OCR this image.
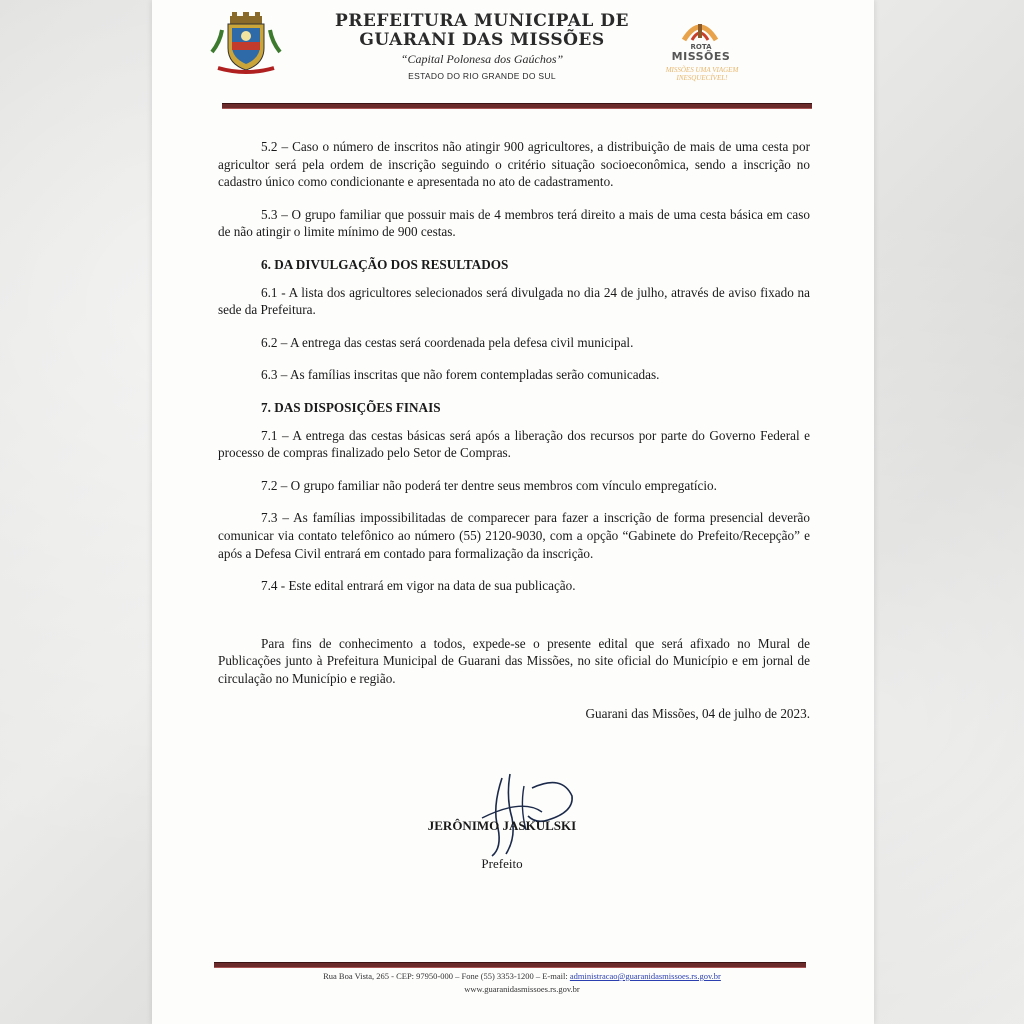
PREFEITURA MUNICIPAL DE
GUARANI DAS MISSÕES
“Capital Polonesa dos Gaúchos”
ESTADO DO RIO GRANDE DO SUL
ROTA
MISSÕES
MISSÕES UMA VIAGEM INESQUECÍVEL!

5.2 – Caso o número de inscritos não atingir 900 agricultores, a distribuição de mais de uma cesta por agricultor será pela ordem de inscrição seguindo o critério situação socioeconômica, sendo a inscrição no cadastro único como condicionante e apresentada no ato de cadastramento.

5.3 – O grupo familiar que possuir mais de 4 membros terá direito a mais de uma cesta básica em caso de não atingir o limite mínimo de 900 cestas.

6. DA DIVULGAÇÃO DOS RESULTADOS

6.1 - A lista dos agricultores selecionados será divulgada no dia 24 de julho, através de aviso fixado na sede da Prefeitura.

6.2 – A entrega das cestas será coordenada pela defesa civil municipal.

6.3 – As famílias inscritas que não forem contempladas serão comunicadas.

7. DAS DISPOSIÇÕES FINAIS

7.1 – A entrega das cestas básicas será após a liberação dos recursos por parte do Governo Federal e processo de compras finalizado pelo Setor de Compras.

7.2 – O grupo familiar não poderá ter dentre seus membros com vínculo empregatício.

7.3 – As famílias impossibilitadas de comparecer para fazer a inscrição de forma presencial deverão comunicar via contato telefônico ao número (55) 2120-9030, com a opção “Gabinete do Prefeito/Recepção” e após a Defesa Civil entrará em contado para formalização da inscrição.

7.4 - Este edital entrará em vigor na data de sua publicação.

Para fins de conhecimento a todos, expede-se o presente edital que será afixado no Mural de Publicações junto à Prefeitura Municipal de Guarani das Missões, no site oficial do Município e em jornal de circulação no Município e região.

Guarani das Missões, 04 de julho de 2023.

JERÔNIMO JASKULSKI
Prefeito
Rua Boa Vista, 265 - CEP: 97950-000 – Fone (55) 3353-1200 – E-mail: administracao@guaranidasmissoes.rs.gov.br
www.guaranidasmissoes.rs.gov.br
